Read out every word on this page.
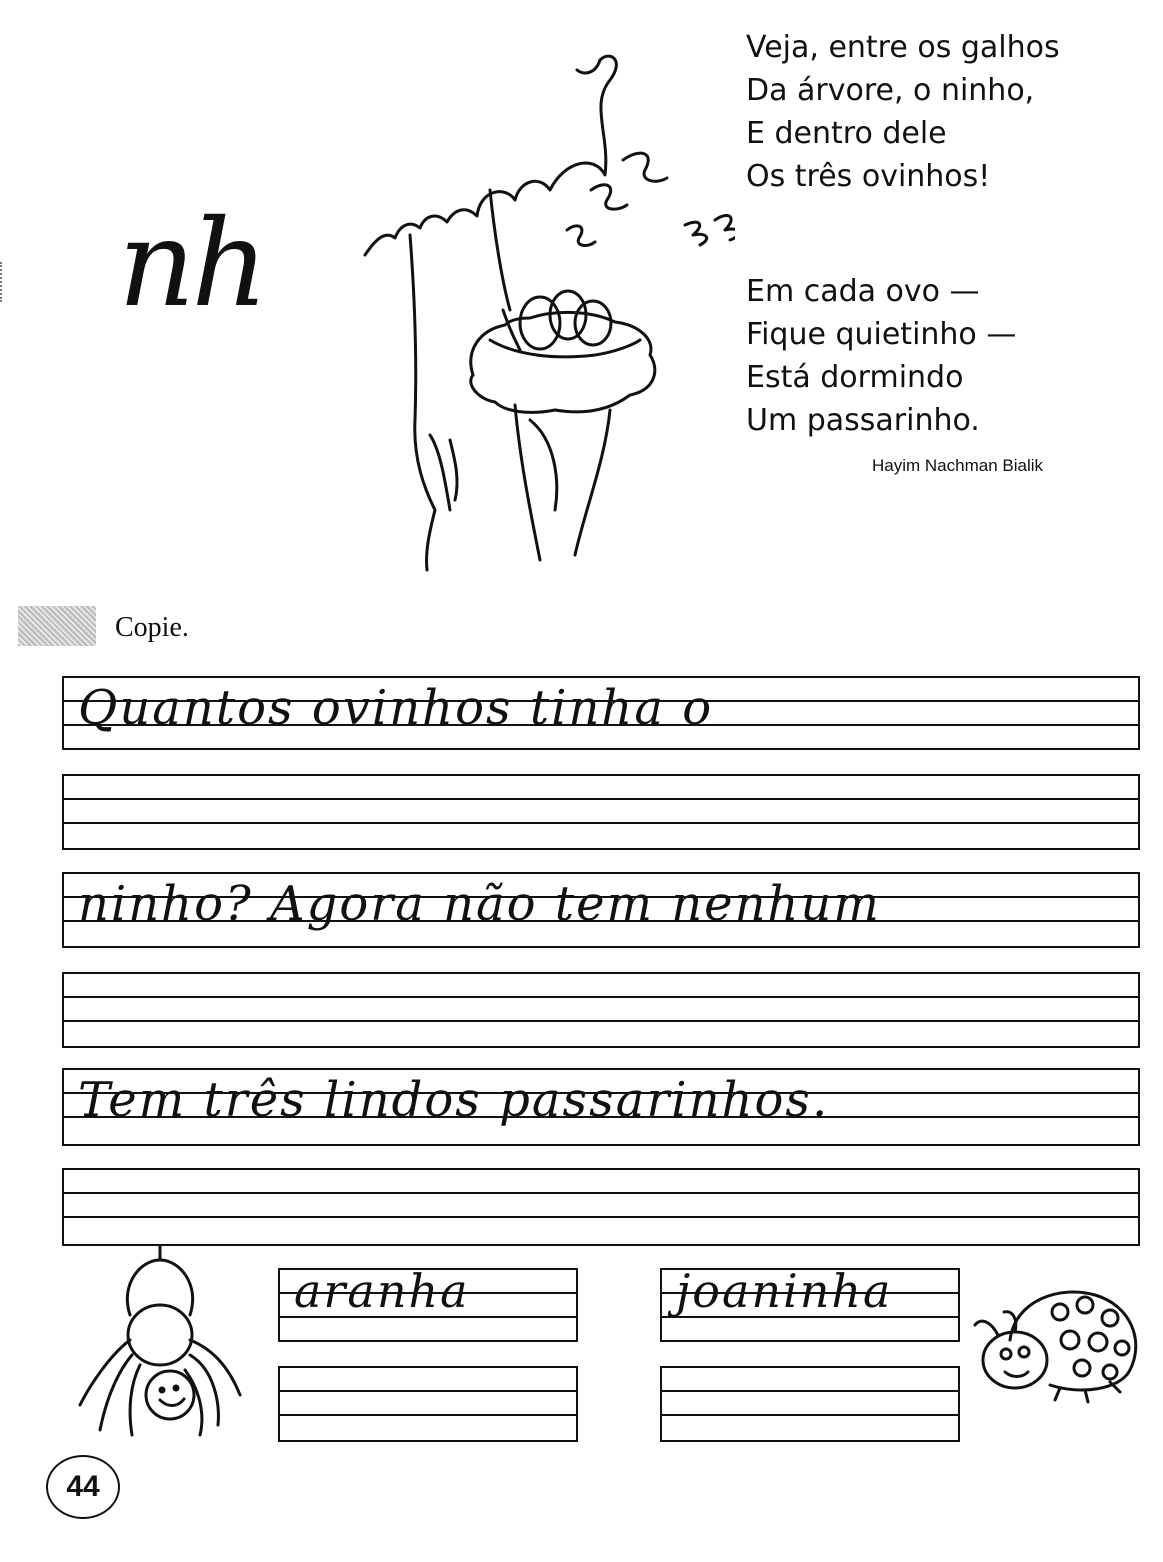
nh
Veja, entre os galhos
Da árvore, o ninho,
E dentro dele
Os três ovinhos!
Em cada ovo —
Fique quietinho —
Está dormindo
Um passarinho.
Hayim Nachman Bialik
Copie.
Quantos ovinhos tinha o
ninho? Agora não tem nenhum
Tem três lindos passarinhos.
aranha	joaninha
44
